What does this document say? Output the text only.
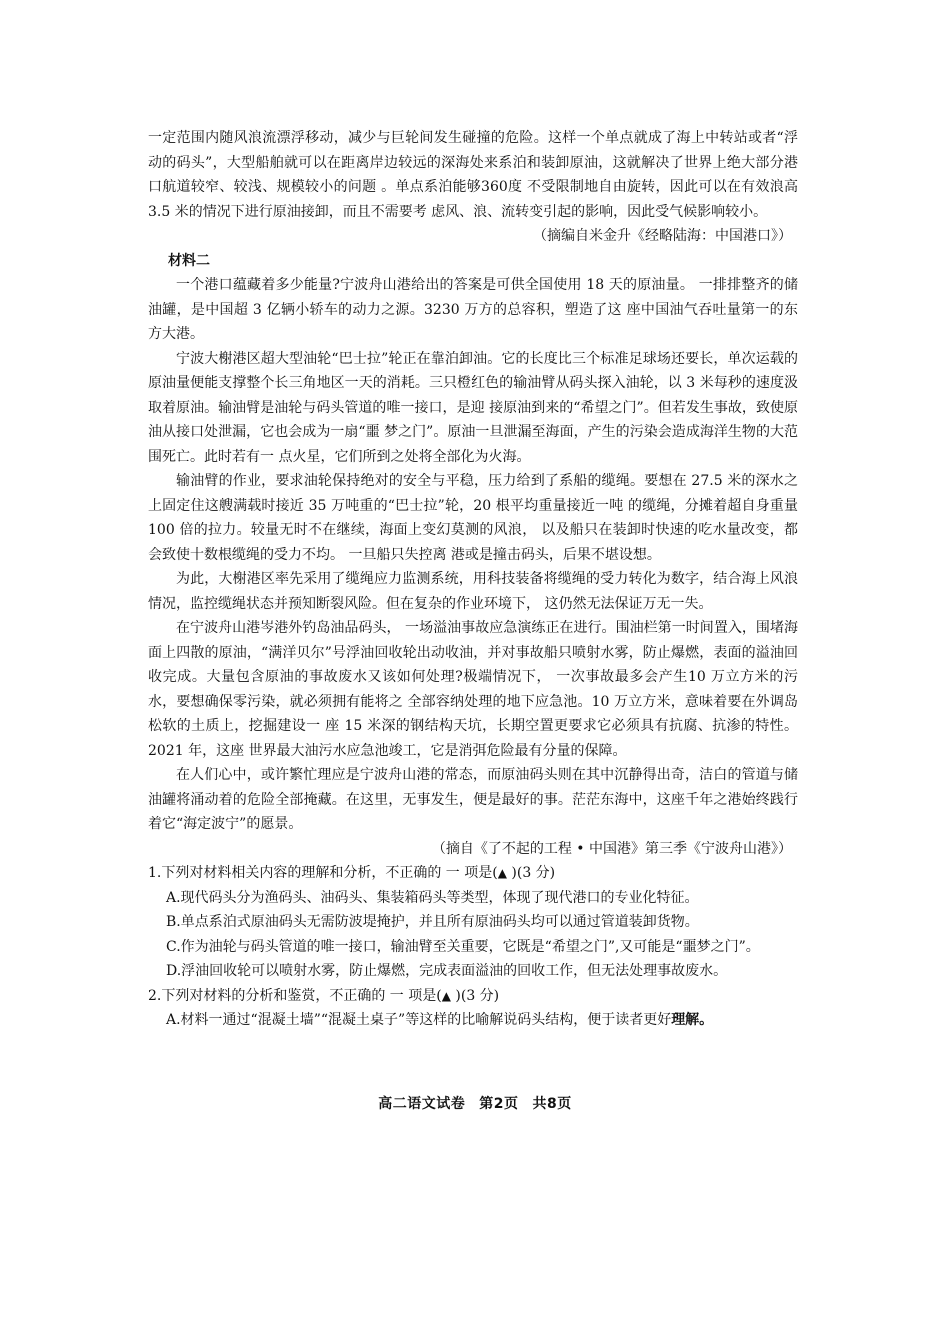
一定范围内随风浪流漂浮移动，减少与巨轮间发生碰撞的危险。这样一个单点就成了海上中转站或者“浮动的码头”，大型船舶就可以在距离岸边较远的深海处来系泊和装卸原油，这就解决了世界上绝大部分港口航道较窄、较浅、规模较小的问题 。单点系泊能够360度 不受限制地自由旋转，因此可以在有效浪高 3.5 米的情况下进行原油接卸，而且不需要考 虑风、浪、流转变引起的影响，因此受气候影响较小。

（摘编自米金升《经略陆海：中国港口》）

材料二

一个港口蕴藏着多少能量?宁波舟山港给出的答案是可供全国使用 18 天的原油量。 一排排整齐的储油罐，是中国超 3 亿辆小轿车的动力之源。3230 万方的总容积，塑造了这 座中国油气吞吐量第一的东方大港。

宁波大榭港区超大型油轮“巴士拉”轮正在靠泊卸油。它的长度比三个标准足球场还要长，单次运载的原油量便能支撑整个长三角地区一天的消耗。三只橙红色的输油臂从码头探入油轮，以 3 米每秒的速度汲取着原油。输油臂是油轮与码头管道的唯一接口，是迎 接原油到来的“希望之门”。但若发生事故，致使原油从接口处泄漏，它也会成为一扇“噩 梦之门”。原油一旦泄漏至海面，产生的污染会造成海洋生物的大范围死亡。此时若有一 点火星，它们所到之处将全部化为火海。

输油臂的作业，要求油轮保持绝对的安全与平稳，压力给到了系船的缆绳。要想在 27.5 米的深水之上固定住这艘满载时接近 35 万吨重的“巴士拉”轮，20 根平均重量接近一吨 的缆绳，分摊着超自身重量 100 倍的拉力。较量无时不在继续，海面上变幻莫测的风浪， 以及船只在装卸时快速的吃水量改变，都会致使十数根缆绳的受力不均。 一旦船只失控离 港或是撞击码头，后果不堪设想。

为此，大榭港区率先采用了缆绳应力监测系统，用科技装备将缆绳的受力转化为数字，结合海上风浪情况，监控缆绳状态并预知断裂风险。但在复杂的作业环境下， 这仍然无法保证万无一失。

在宁波舟山港岑港外钓岛油品码头， 一场溢油事故应急演练正在进行。围油栏第一时间置入，围堵海面上四散的原油，“满洋贝尔”号浮油回收轮出动收油，并对事故船只喷射水雾，防止爆燃，表面的溢油回收完成。大量包含原油的事故废水又该如何处理?极端情况下， 一次事故最多会产生10 万立方米的污水，要想确保零污染，就必须拥有能将之 全部容纳处理的地下应急池。10 万立方米，意味着要在外调岛松软的土质上，挖掘建设一 座 15 米深的钢结构天坑，长期空置更要求它必须具有抗腐、抗渗的特性。2021 年，这座 世界最大油污水应急池竣工，它是消弭危险最有分量的保障。

在人们心中，或许繁忙理应是宁波舟山港的常态，而原油码头则在其中沉静得出奇，洁白的管道与储油罐将涌动着的危险全部掩藏。在这里，无事发生，便是最好的事。茫茫东海中，这座千年之港始终践行着它“海定波宁”的愿景。

（摘自《了不起的工程 • 中国港》第三季《宁波舟山港》）

1.下列对材料相关内容的理解和分析，不正确的 一 项是(▲ )(3 分)

A.现代码头分为渔码头、油码头、集装箱码头等类型，体现了现代港口的专业化特征。

B.单点系泊式原油码头无需防波堤掩护，并且所有原油码头均可以通过管道装卸货物。

C.作为油轮与码头管道的唯一接口，输油臂至关重要，它既是“希望之门”,又可能是“噩梦之门”。

D.浮油回收轮可以喷射水雾，防止爆燃，完成表面溢油的回收工作，但无法处理事故废水。

2.下列对材料的分析和鉴赏，不正确的 一 项是(▲ )(3 分)

A.材料一通过“混凝土墙”“混凝土桌子”等这样的比喻解说码头结构，便于读者更好理解。

高二语文试卷 第2页 共8页
